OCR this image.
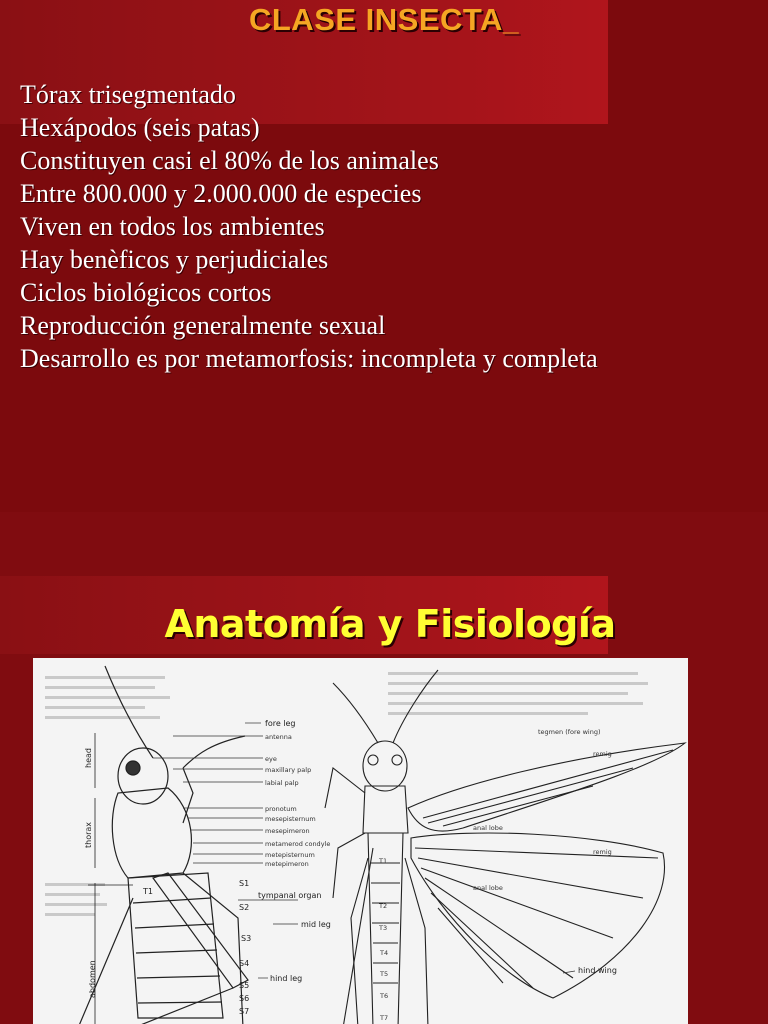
CLASE INSECTA_
Tórax trisegmentado
Hexápodos (seis patas)
Constituyen casi el 80% de los animales
Entre 800.000 y 2.000.000 de especies
Viven en todos los ambientes
Hay benèficos y perjudiciales
Ciclos biológicos cortos
Reproducción generalmente sexual
Desarrollo es por metamorfosis: incompleta y completa
Anatomía y Fisiología
head
thorax
abdomen
fore leg
antenna
eye
maxillary palp
labial palp
pronotum
mesepisternum
mesepimeron
metamerod condyle
metepisternum
metepimeron
tympanal organ
mid leg
hind leg
T1
S1
S2
S3
S4
S5
S6
S7
tegmen (fore wing)
remig
anal lobe
remig
anal lobe
hind wing
T1
T2
T3
T4
T5
T6
T7
